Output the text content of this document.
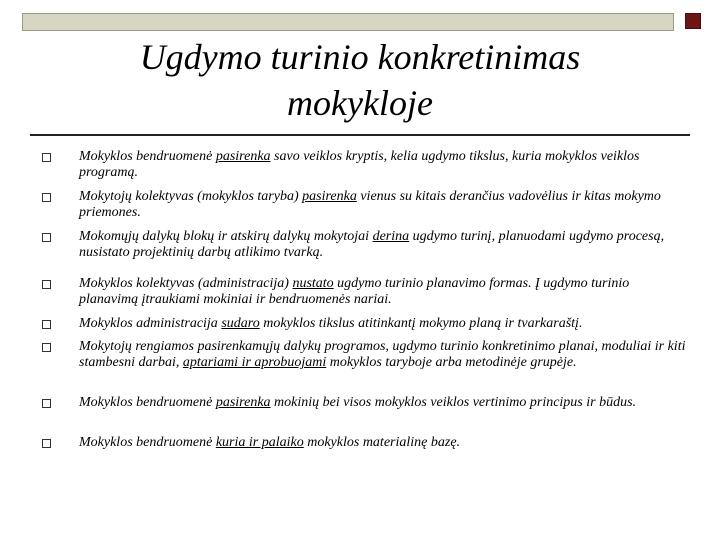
Ugdymo turinio konkretinimas
mokykloje
Mokyklos bendruomenė pasirenka savo veiklos kryptis, kelia ugdymo tikslus, kuria mokyklos veiklos programą.
Mokytojų kolektyvas (mokyklos taryba) pasirenka vienus su kitais derančius vadovėlius ir kitas mokymo priemones.
Mokomųjų dalykų blokų ir atskirų dalykų mokytojai derina ugdymo turinį, planuodami ugdymo procesą, nusistato projektinių darbų atlikimo tvarką.
Mokyklos kolektyvas (administracija) nustato ugdymo turinio planavimo formas. Į ugdymo turinio planavimą įtraukiami mokiniai ir bendruomenės nariai.
Mokyklos administracija sudaro mokyklos tikslus atitinkantį mokymo planą ir tvarkaraštį.
Mokytojų rengiamos pasirenkamųjų dalykų programos, ugdymo turinio konkretinimo planai, moduliai ir kiti stambesni darbai, aptariami ir aprobuojami mokyklos taryboje arba metodinėje grupėje.
Mokyklos bendruomenė pasirenka mokinių bei visos mokyklos veiklos vertinimo principus ir būdus.
Mokyklos bendruomenė kuria ir palaiko mokyklos materialinę bazę.
